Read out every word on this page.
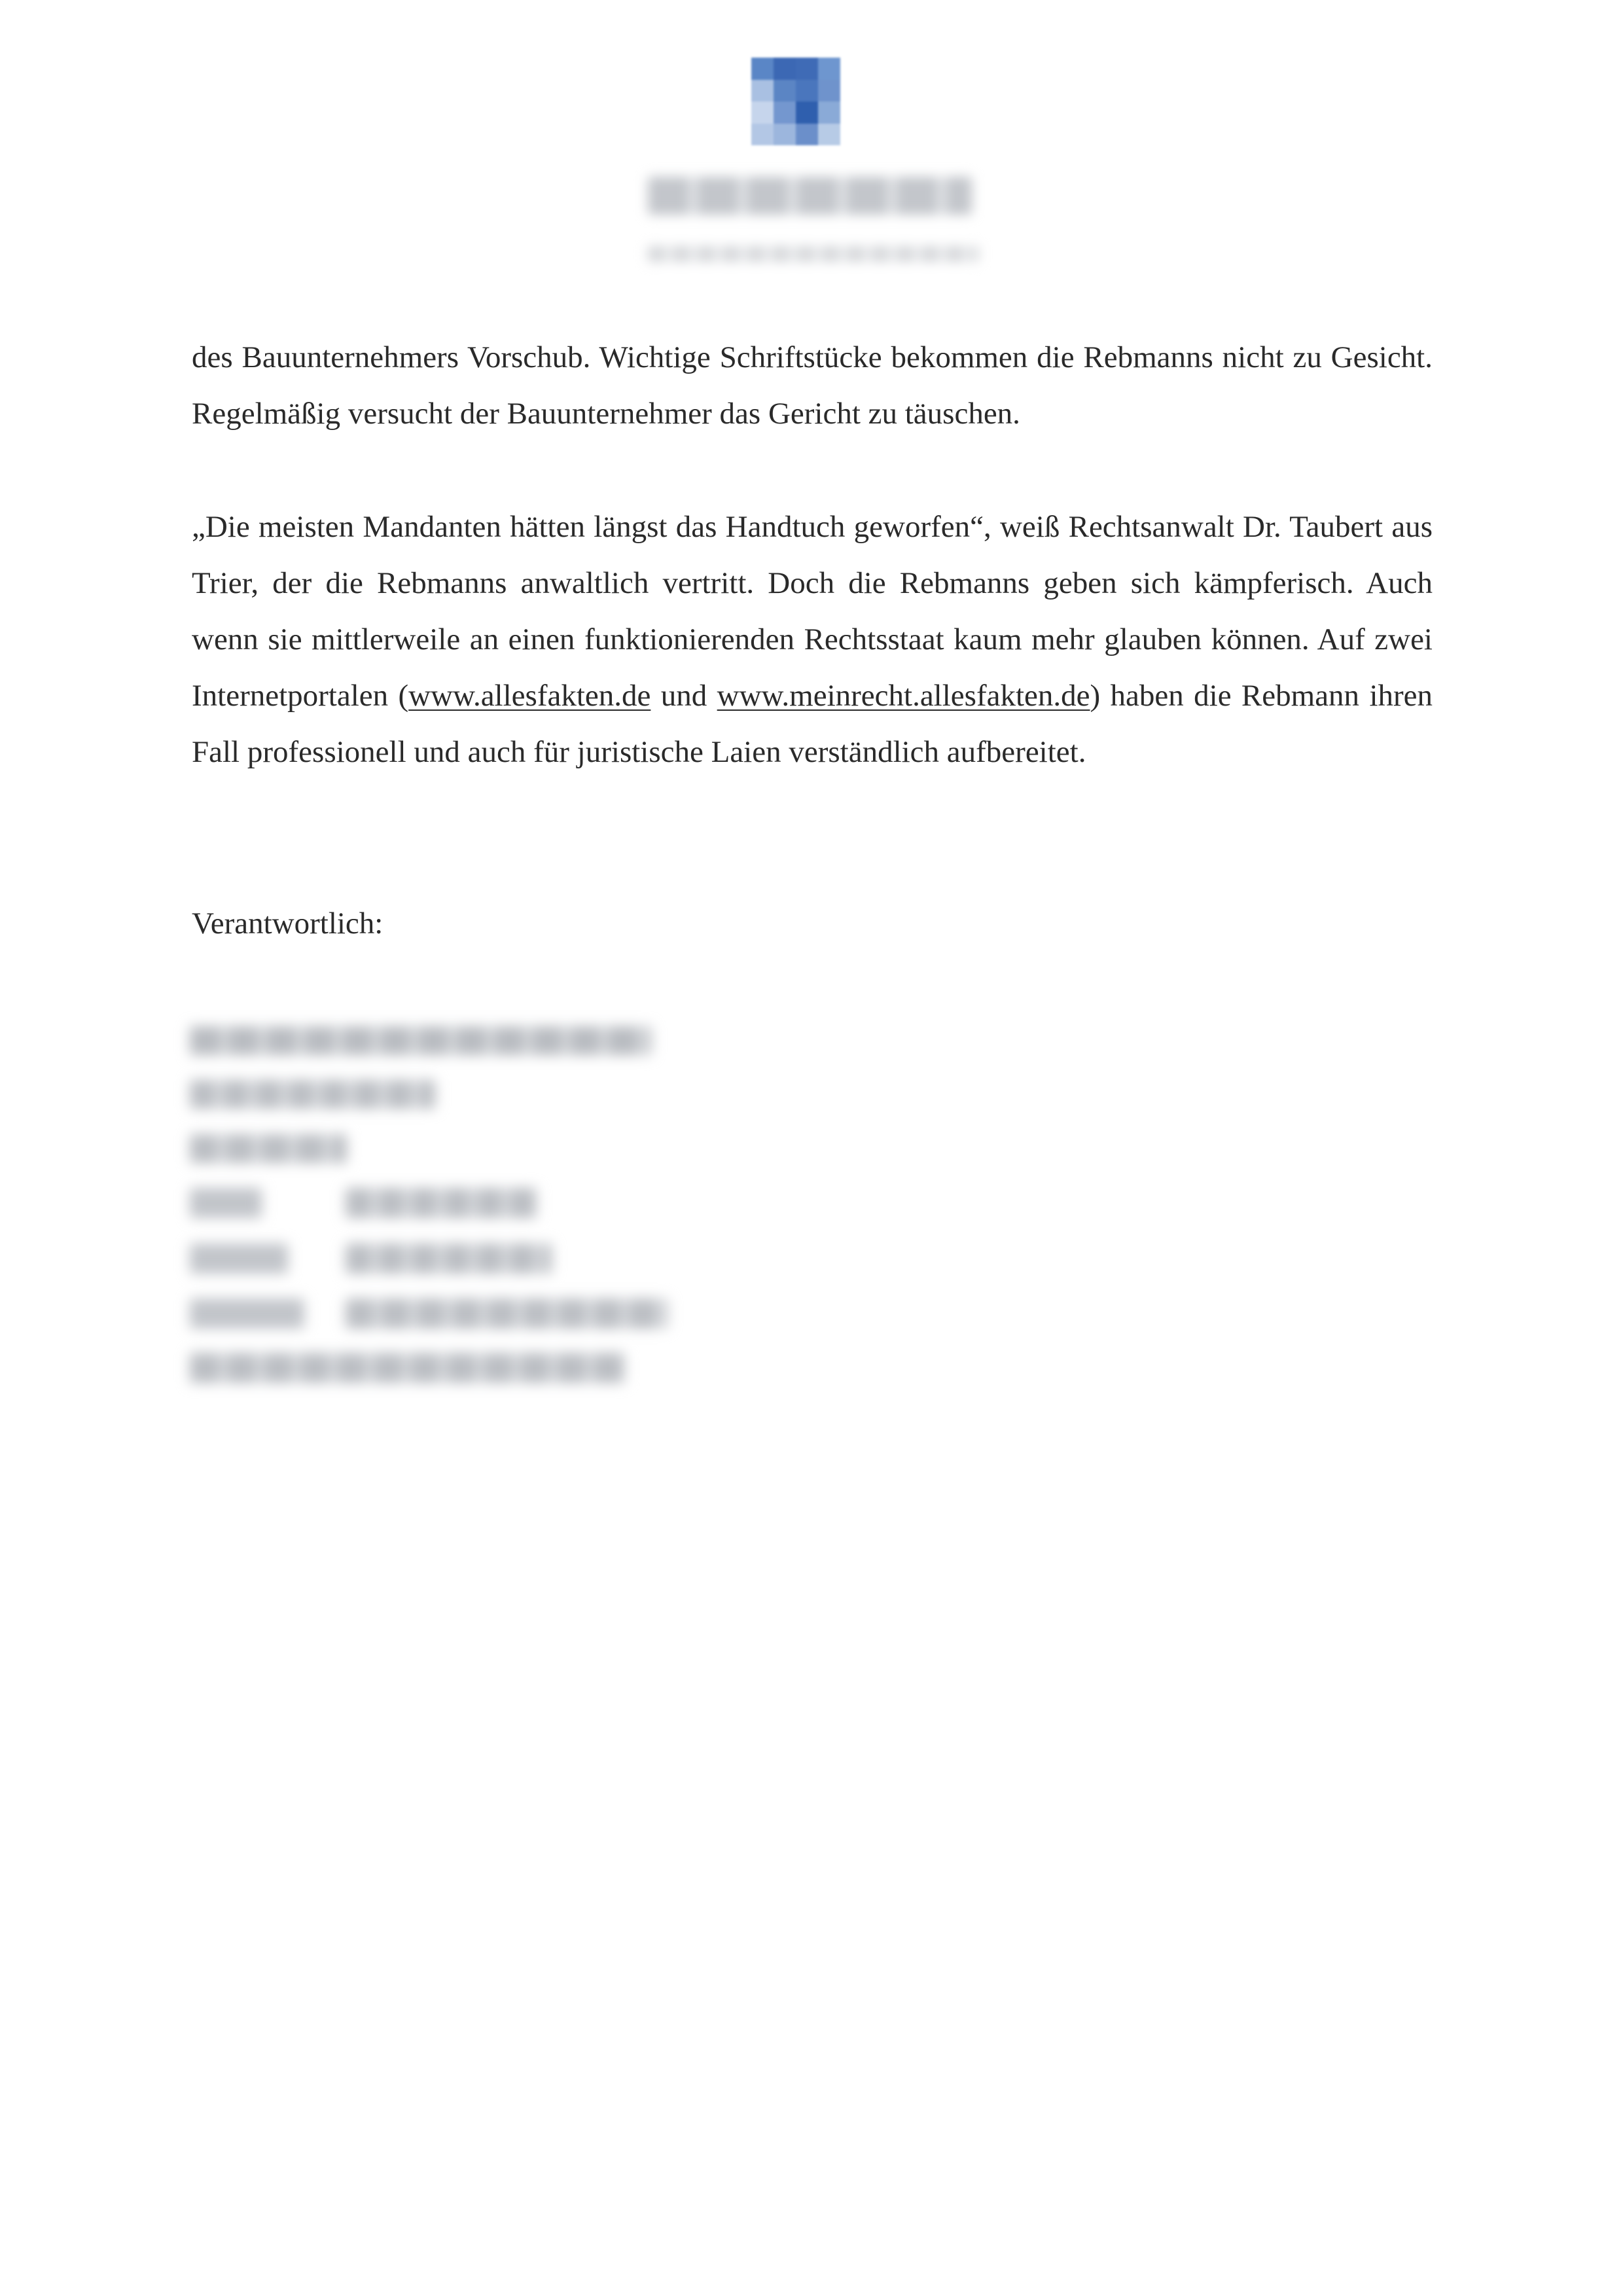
des Bauunternehmers Vorschub. Wichtige Schriftstücke bekommen die Rebmanns nicht zu Gesicht. Regelmäßig versucht der Bauunternehmer das Gericht zu täuschen.

„Die meisten Mandanten hätten längst das Handtuch geworfen“, weiß Rechtsanwalt Dr. Taubert aus Trier, der die Rebmanns anwaltlich vertritt. Doch die Rebmanns geben sich kämpferisch. Auch wenn sie mittlerweile an einen funktionierenden Rechtsstaat kaum mehr glauben können. Auf zwei Internetportalen (www.allesfakten.de und www.meinrecht.allesfakten.de) haben die Rebmann ihren Fall professionell und auch für juristische Laien verständlich aufbereitet.

Verantwortlich:
